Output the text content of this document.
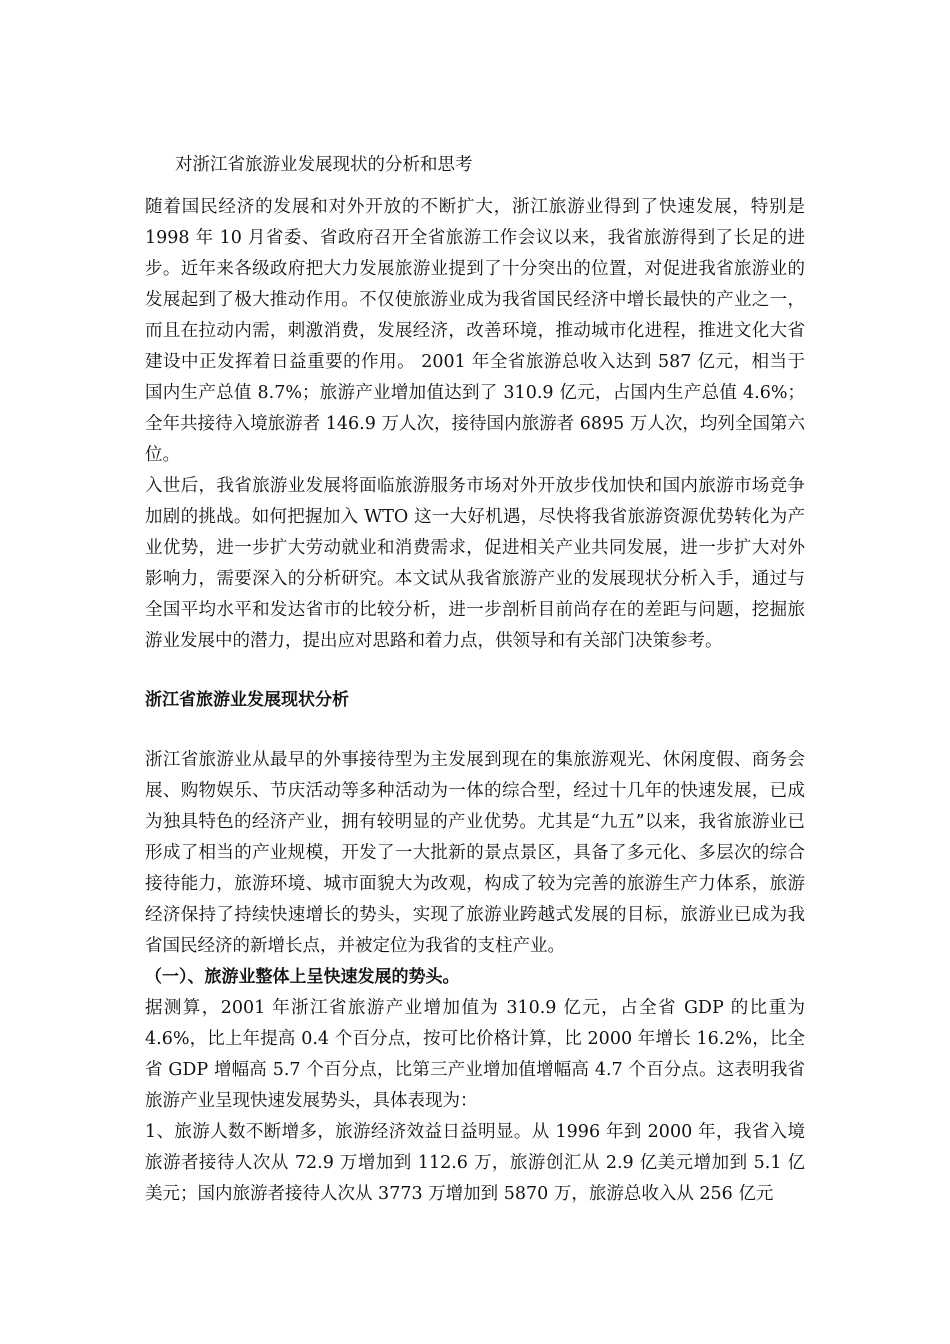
对浙江省旅游业发展现状的分析和思考

随着国民经济的发展和对外开放的不断扩大，浙江旅游业得到了快速发展，特别是 1998 年 10 月省委、省政府召开全省旅游工作会议以来，我省旅游得到了长足的进步。近年来各级政府把大力发展旅游业提到了十分突出的位置，对促进我省旅游业的发展起到了极大推动作用。不仅使旅游业成为我省国民经济中增长最快的产业之一，而且在拉动内需，刺激消费，发展经济，改善环境，推动城市化进程，推进文化大省建设中正发挥着日益重要的作用。 2001 年全省旅游总收入达到 587 亿元，相当于国内生产总值 8.7%；旅游产业增加值达到了 310.9 亿元，占国内生产总值 4.6%；全年共接待入境旅游者 146.9 万人次，接待国内旅游者 6895 万人次，均列全国第六位。

入世后，我省旅游业发展将面临旅游服务市场对外开放步伐加快和国内旅游市场竞争加剧的挑战。如何把握加入 WTO 这一大好机遇，尽快将我省旅游资源优势转化为产业优势，进一步扩大劳动就业和消费需求，促进相关产业共同发展，进一步扩大对外影响力，需要深入的分析研究。本文试从我省旅游产业的发展现状分析入手，通过与全国平均水平和发达省市的比较分析，进一步剖析目前尚存在的差距与问题，挖掘旅游业发展中的潜力，提出应对思路和着力点，供领导和有关部门决策参考。

浙江省旅游业发展现状分析

浙江省旅游业从最早的外事接待型为主发展到现在的集旅游观光、休闲度假、商务会展、购物娱乐、节庆活动等多种活动为一体的综合型，经过十几年的快速发展，已成为独具特色的经济产业，拥有较明显的产业优势。尤其是“九五”以来，我省旅游业已形成了相当的产业规模，开发了一大批新的景点景区，具备了多元化、多层次的综合接待能力，旅游环境、城市面貌大为改观，构成了较为完善的旅游生产力体系，旅游经济保持了持续快速增长的势头，实现了旅游业跨越式发展的目标，旅游业已成为我省国民经济的新增长点，并被定位为我省的支柱产业。

（一）、旅游业整体上呈快速发展的势头。

据测算，2001 年浙江省旅游产业增加值为 310.9 亿元，占全省 GDP 的比重为 4.6%，比上年提高 0.4 个百分点，按可比价格计算，比 2000 年增长 16.2%，比全省 GDP 增幅高 5.7 个百分点，比第三产业增加值增幅高 4.7 个百分点。这表明我省旅游产业呈现快速发展势头，具体表现为：

1、旅游人数不断增多，旅游经济效益日益明显。从 1996 年到 2000 年，我省入境旅游者接待人次从 72.9 万增加到 112.6 万，旅游创汇从 2.9 亿美元增加到 5.1 亿美元；国内旅游者接待人次从 3773 万增加到 5870 万，旅游总收入从 256 亿元
